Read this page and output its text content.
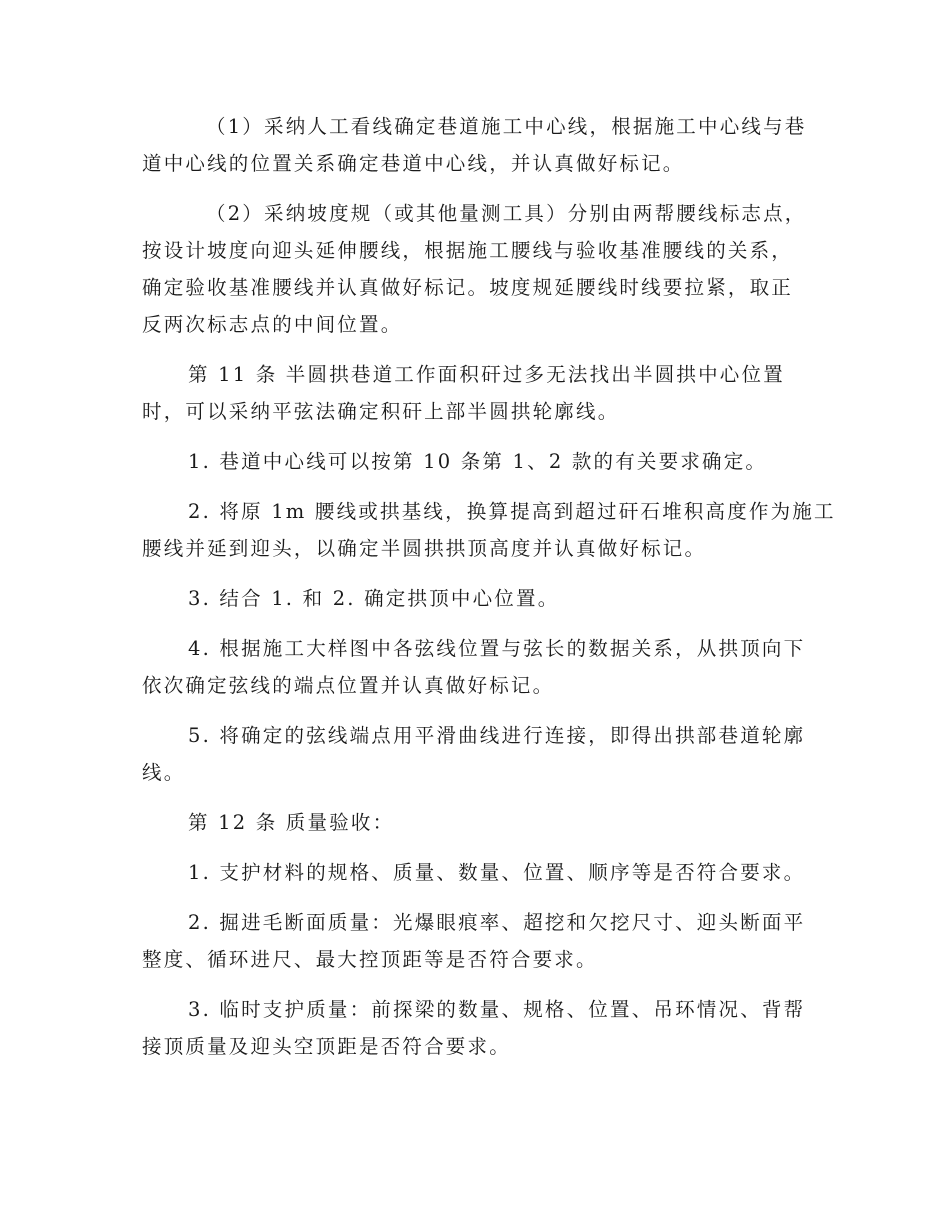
（1）采纳人工看线确定巷道施工中心线，根据施工中心线与巷
道中心线的位置关系确定巷道中心线，并认真做好标记。

（2）采纳坡度规（或其他量测工具）分别由两帮腰线标志点，
按设计坡度向迎头延伸腰线，根据施工腰线与验收基准腰线的关系，
确定验收基准腰线并认真做好标记。坡度规延腰线时线要拉紧，取正
反两次标志点的中间位置。

第 11 条 半圆拱巷道工作面积矸过多无法找出半圆拱中心位置
时，可以采纳平弦法确定积矸上部半圆拱轮廓线。

1. 巷道中心线可以按第 10 条第 1、2 款的有关要求确定。

2. 将原 1m 腰线或拱基线，换算提高到超过矸石堆积高度作为施工
腰线并延到迎头，以确定半圆拱拱顶高度并认真做好标记。

3. 结合 1. 和 2. 确定拱顶中心位置。

4. 根据施工大样图中各弦线位置与弦长的数据关系，从拱顶向下
依次确定弦线的端点位置并认真做好标记。

5. 将确定的弦线端点用平滑曲线进行连接，即得出拱部巷道轮廓
线。

第 12 条 质量验收：

1. 支护材料的规格、质量、数量、位置、顺序等是否符合要求。

2. 掘进毛断面质量：光爆眼痕率、超挖和欠挖尺寸、迎头断面平
整度、循环进尺、最大控顶距等是否符合要求。

3. 临时支护质量：前探梁的数量、规格、位置、吊环情况、背帮
接顶质量及迎头空顶距是否符合要求。
